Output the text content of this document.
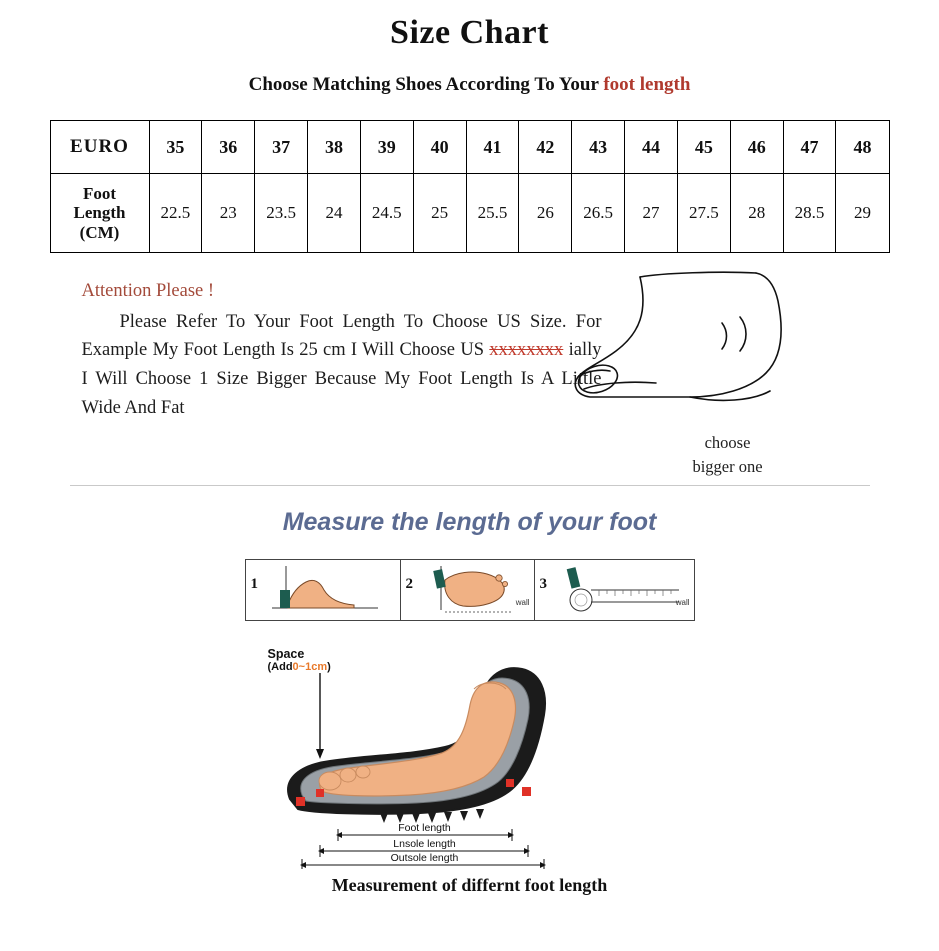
Size Chart
Choose Matching Shoes According To Your foot length
EURO	35	36	37	38	39	40	41	42	43	44	45	46	47	48
Foot
Length
(CM)	22.5	23	23.5	24	24.5	25	25.5	26	26.5	27	27.5	28	28.5	29
Attention Please !
Please Refer To Your Foot Length To Choose US Size. For Example My Foot Length Is 25 cm I Will Choose US xxxxxxxx ially I Will Choose 1 Size Bigger Because My Foot Length Is A Little Wide And Fat
choose
bigger one
Measure the length of your foot
1	2
wall
3
wall
Space
(Add0~1cm)
Foot length
Lnsole length
Outsole length
Measurement of differnt foot length
